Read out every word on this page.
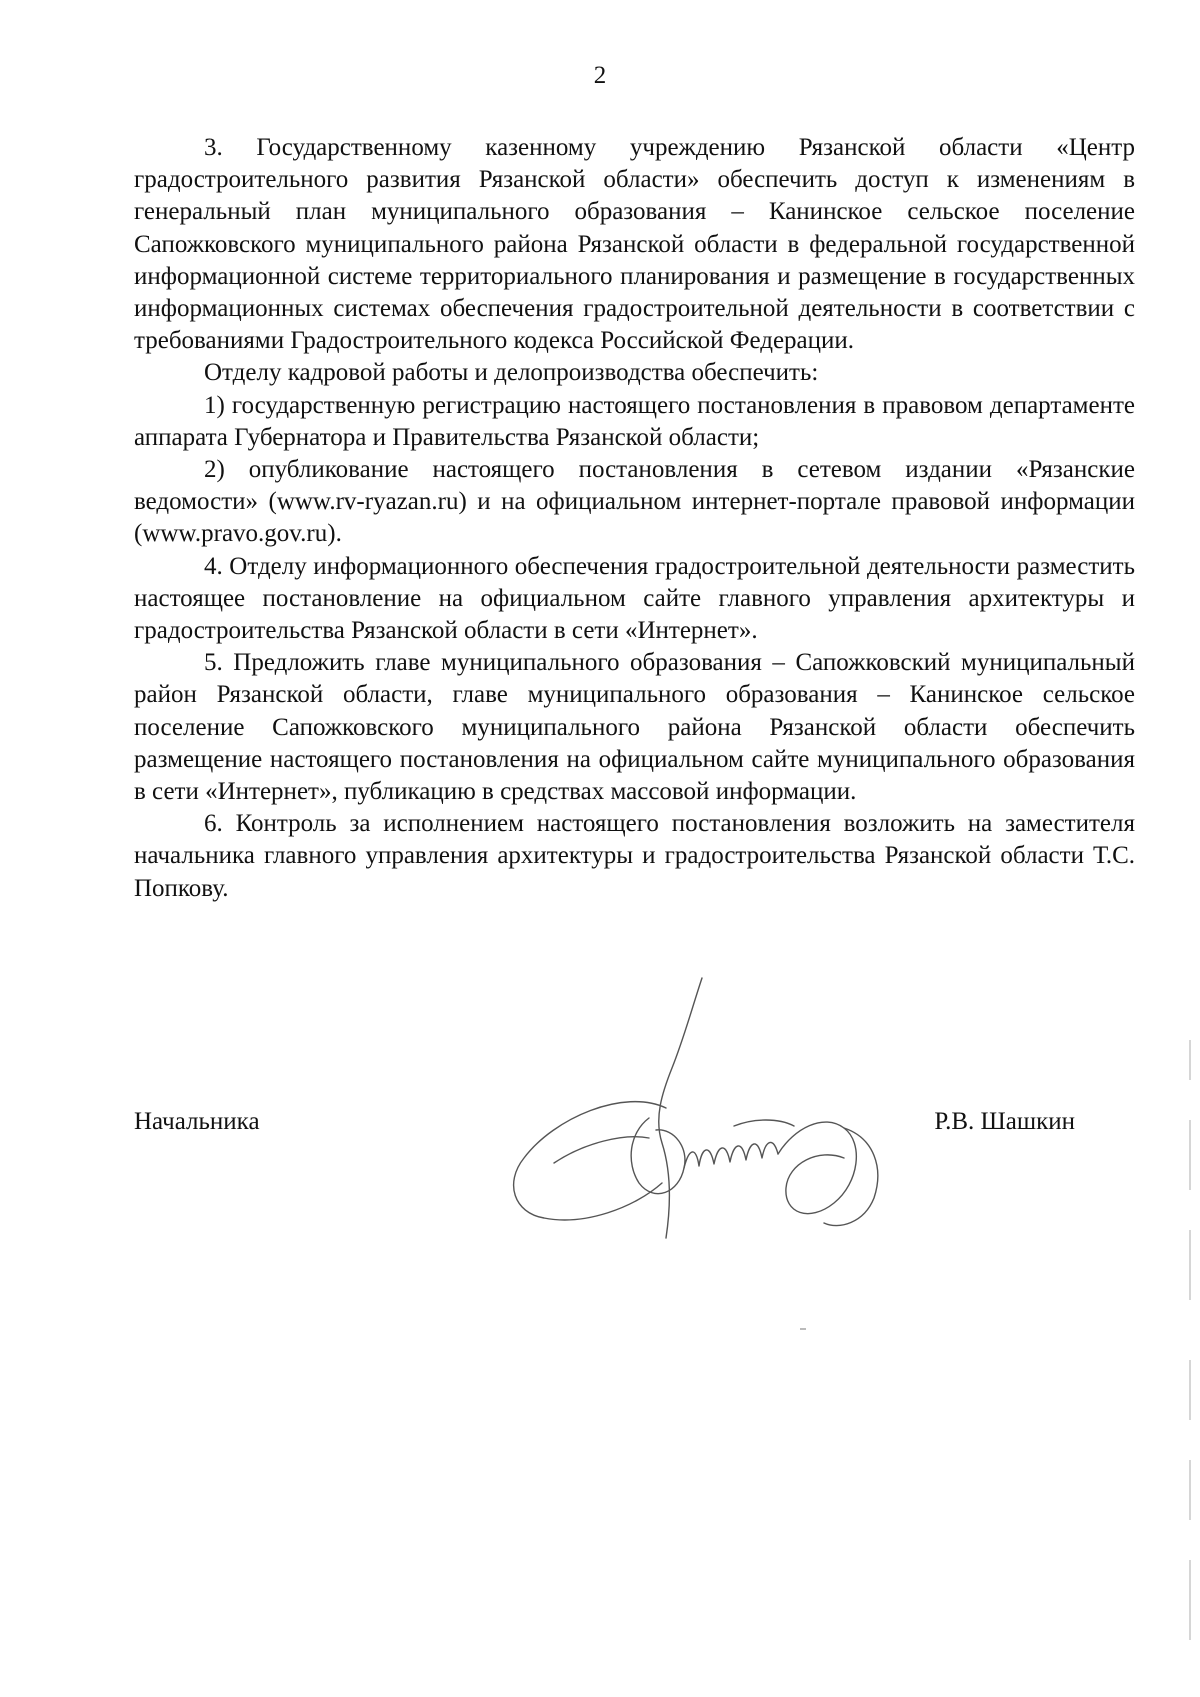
2

3. Государственному казенному учреждению Рязанской области «Центр градостроительного развития Рязанской области» обеспечить доступ к изменениям в генеральный план муниципального образования – Канинское сельское поселение Сапожковского муниципального района Рязанской области в федеральной государственной информационной системе территориального планирования и размещение в государственных информационных системах обеспечения градостроительной деятельности в соответствии с требованиями Градостроительного кодекса Российской Федерации.

Отделу кадровой работы и делопроизводства обеспечить:

1) государственную регистрацию настоящего постановления в правовом департаменте аппарата Губернатора и Правительства Рязанской области;

2) опубликование настоящего постановления в сетевом издании «Рязанские ведомости» (www.rv-ryazan.ru) и на официальном интернет-портале правовой информации (www.pravo.gov.ru).

4. Отделу информационного обеспечения градостроительной деятельности разместить настоящее постановление на официальном сайте главного управления архитектуры и градостроительства Рязанской области в сети «Интернет».

5. Предложить главе муниципального образования – Сапожковский муниципальный район Рязанской области, главе муниципального образования – Канинское сельское поселение Сапожковского муниципального района Рязанской области обеспечить размещение настоящего постановления на официальном сайте муниципального образования в сети «Интернет», публикацию в средствах массовой информации.

6. Контроль за исполнением настоящего постановления возложить на заместителя начальника главного управления архитектуры и градостроительства Рязанской области Т.С. Попкову.

Начальника	Р.В. Шашкин
